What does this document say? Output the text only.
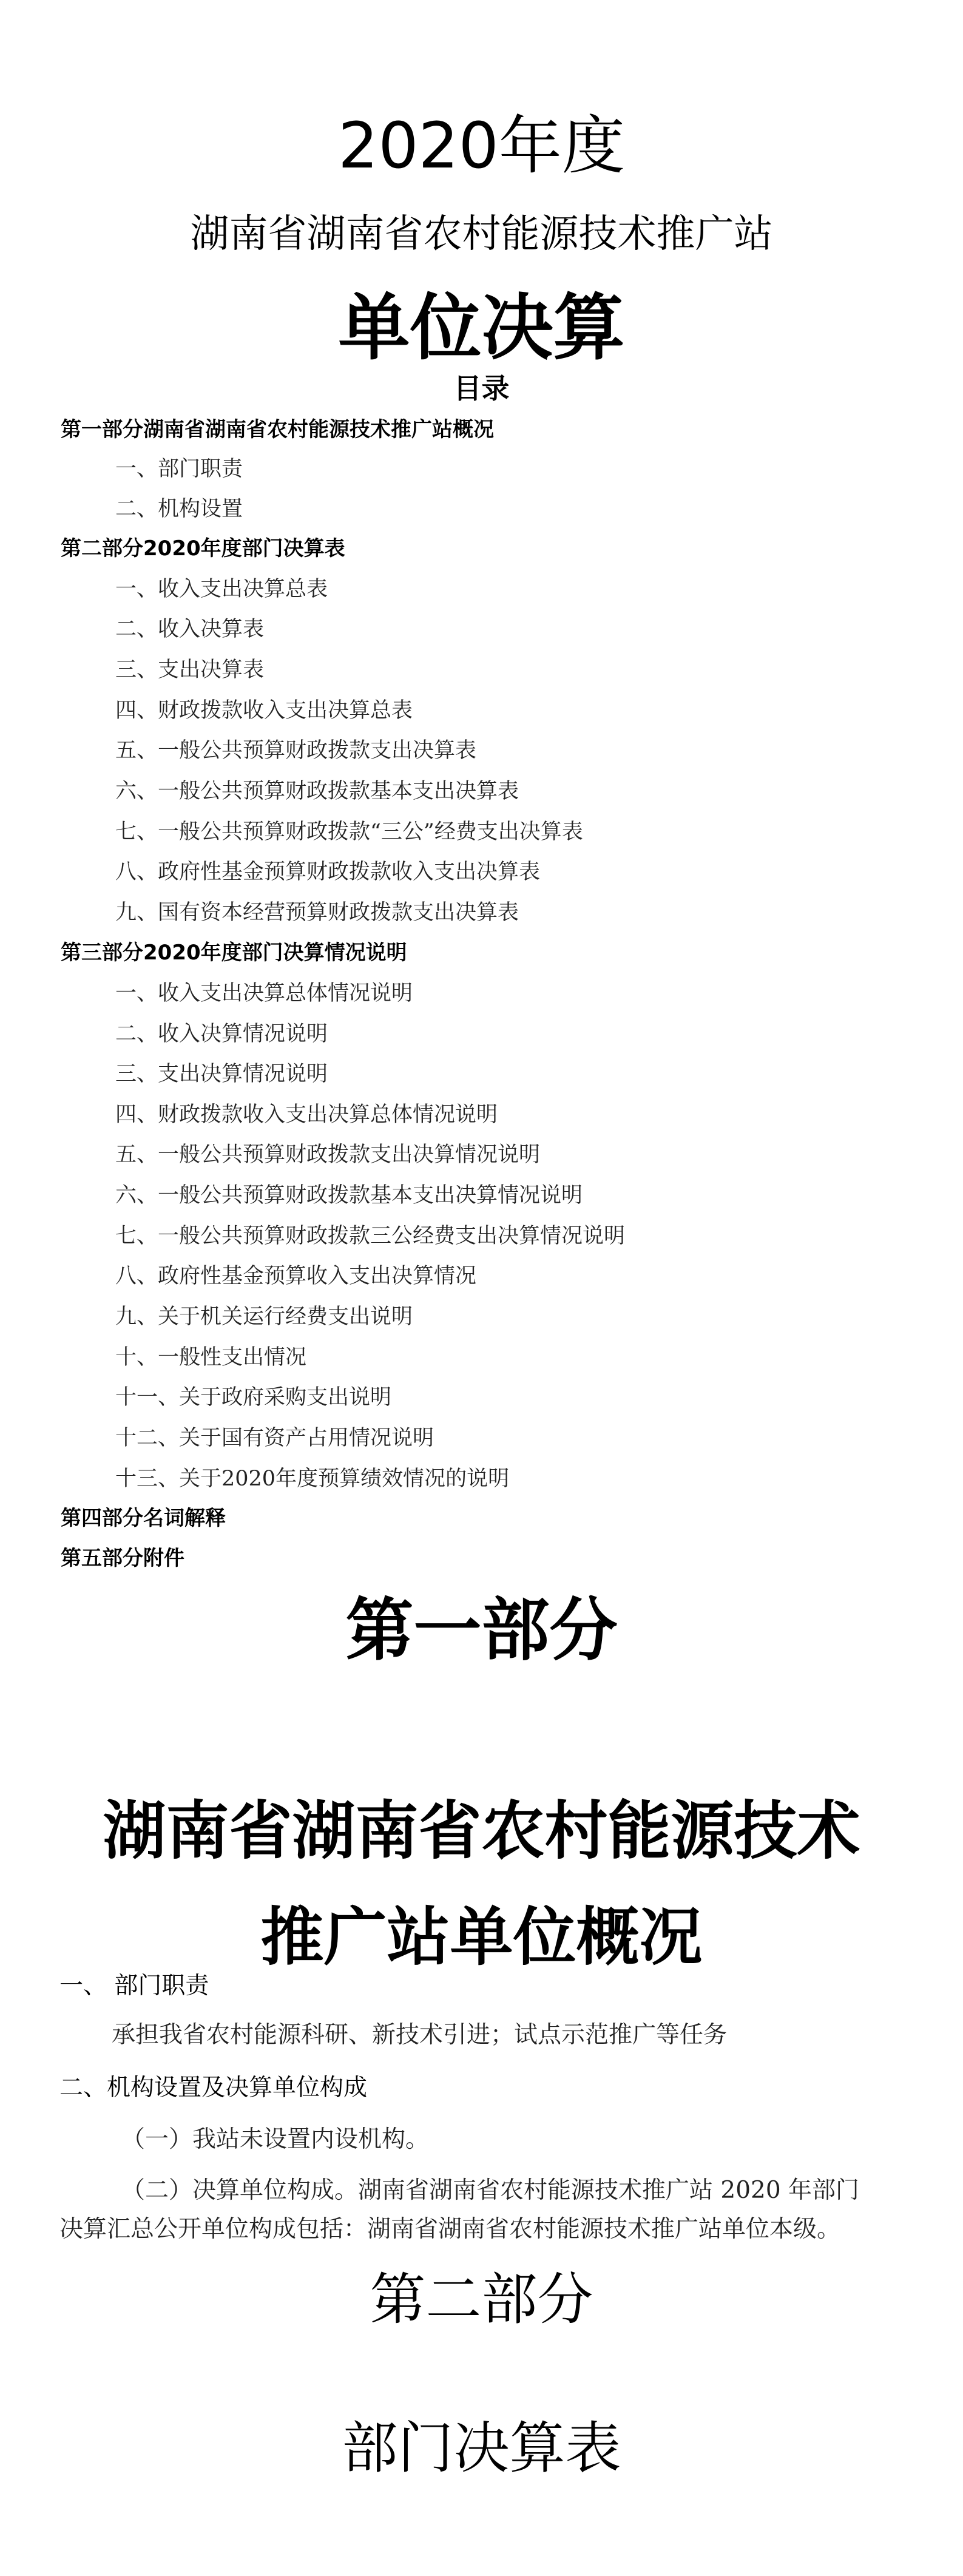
2020年度
湖南省湖南省农村能源技术推广站
单位决算
目录
第一部分湖南省湖南省农村能源技术推广站概况
一、部门职责
二、机构设置
第二部分2020年度部门决算表
一、收入支出决算总表
二、收入决算表
三、支出决算表
四、财政拨款收入支出决算总表
五、一般公共预算财政拨款支出决算表
六、一般公共预算财政拨款基本支出决算表
七、一般公共预算财政拨款“三公”经费支出决算表
八、政府性基金预算财政拨款收入支出决算表
九、国有资本经营预算财政拨款支出决算表
第三部分2020年度部门决算情况说明
一、收入支出决算总体情况说明
二、收入决算情况说明
三、支出决算情况说明
四、财政拨款收入支出决算总体情况说明
五、一般公共预算财政拨款支出决算情况说明
六、一般公共预算财政拨款基本支出决算情况说明
七、一般公共预算财政拨款三公经费支出决算情况说明
八、政府性基金预算收入支出决算情况
九、关于机关运行经费支出说明
十、一般性支出情况
十一、关于政府采购支出说明
十二、关于国有资产占用情况说明
十三、关于2020年度预算绩效情况的说明
第四部分名词解释
第五部分附件
第一部分
湖南省湖南省农村能源技术
推广站单位概况
一、 部门职责
承担我省农村能源科研、新技术引进；试点示范推广等任务
二、机构设置及决算单位构成
（一）我站未设置内设机构。
（二）决算单位构成。湖南省湖南省农村能源技术推广站 2020 年部门
决算汇总公开单位构成包括：湖南省湖南省农村能源技术推广站单位本级。
第二部分
部门决算表
